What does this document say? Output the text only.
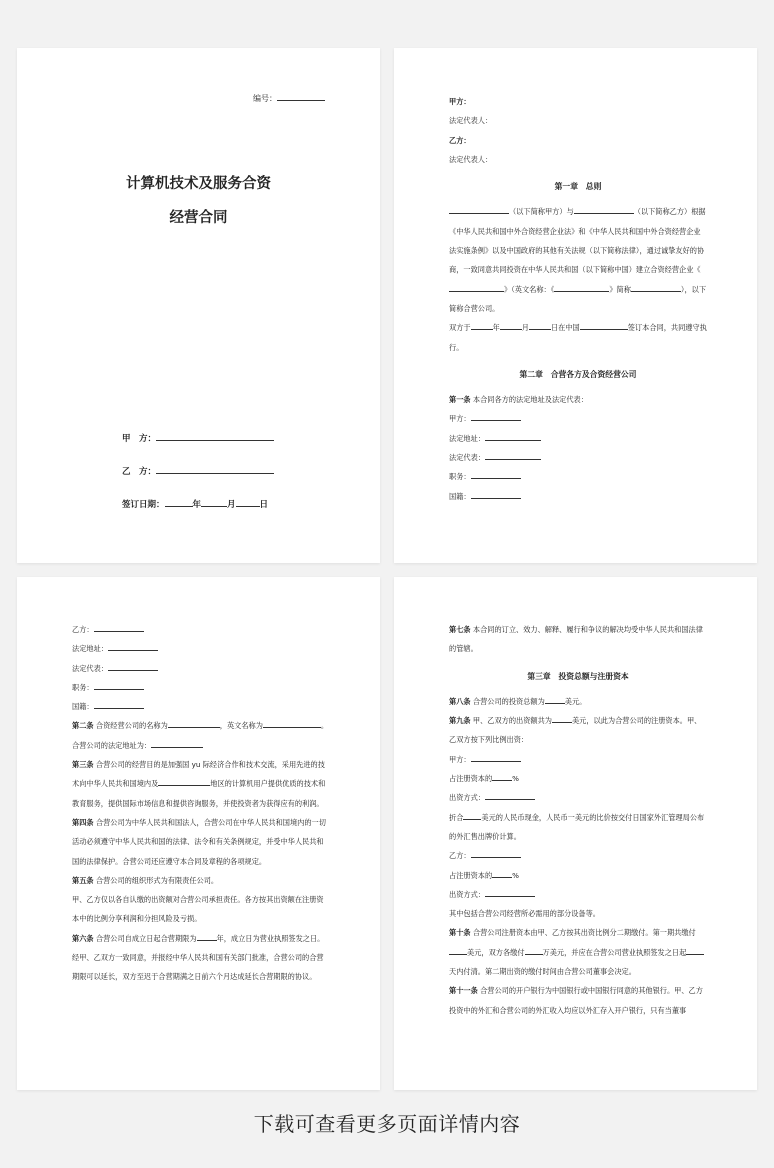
编号：
计算机技术及服务合资
经营合同
甲　方：
乙　方：
签订日期：	年	月	日

甲方：

法定代表人：

乙方：

法定代表人：

第一章　总则

（以下简称甲方）与	（以下简称乙方）根据《中华人民共和国中外合资经营企业法》和《中华人民共和国中外合资经营企业法实施条例》以及中国政府的其他有关法规（以下简称法律），通过诚挚友好的协商，一致同意共同投资在中华人民共和国（以下简称中国）建立合资经营企业《》（英文名称：《	》简称	），以下简称合营公司。

双方于	年	月	日在中国	签订本合同，共同遵守执行。

第二章　合营各方及合资经营公司

第一条 本合同各方的法定地址及法定代表：

甲方：

法定地址：

法定代表：

职务：

国籍：

乙方：

法定地址：

法定代表：

职务：

国籍：

第二条 合资经营公司的名称为	，英文名称为	。

合营公司的法定地址为：

第三条 合营公司的经营目的是加强国 yu 际经济合作和技术交流，采用先进的技术向中华人民共和国境内及	地区的计算机用户提供优质的技术和教育服务，提供国际市场信息和提供咨询服务，并使投资者为获得应有的利润。

第四条 合营公司为中华人民共和国法人，合营公司在中华人民共和国境内的一切活动必须遵守中华人民共和国的法律、法令和有关条例规定，并受中华人民共和国的法律保护。合营公司还应遵守本合同及章程的各项规定。

第五条 合营公司的组织形式为有限责任公司。

甲、乙方仅以各自认缴的出资额对合营公司承担责任。各方按其出资额在注册资本中的比例分享利润和分担风险及亏损。

第六条 合营公司自成立日起合营期限为	年，成立日为营业执照签发之日。经甲、乙双方一致同意，并报经中华人民共和国有关部门批准，合营公司的合营期限可以延长，双方至迟于合营期满之日前六个月达成延长合营期限的协议。

第七条 本合同的订立、效力、解释、履行和争议的解决均受中华人民共和国法律的管辖。

第三章　投资总额与注册资本

第八条 合营公司的投资总额为	美元。

第九条 甲、乙双方的出资额共为	美元，以此为合营公司的注册资本。甲、乙双方按下列比例出资：

甲方：

占注册资本的	%

出资方式：

折合	美元的人民币现金，人民币一美元的比价按交付日国家外汇管理局公布的外汇售出牌价计算。

乙方：

占注册资本的	%

出资方式：

其中包括合营公司经营所必需用的部分设备等。

第十条 合营公司注册资本由甲、乙方按其出资比例分二期缴付。第一期共缴付美元，双方各缴付	万美元，并应在合营公司营业执照签发之日起天内付清。第二期出资的缴付时间由合营公司董事会决定。

第十一条 合营公司的开户银行为中国银行或中国银行同意的其他银行。甲、乙方投资中的外汇和合营公司的外汇收入均应以外汇存入开户银行，只有当董事

下载可查看更多页面详情内容
